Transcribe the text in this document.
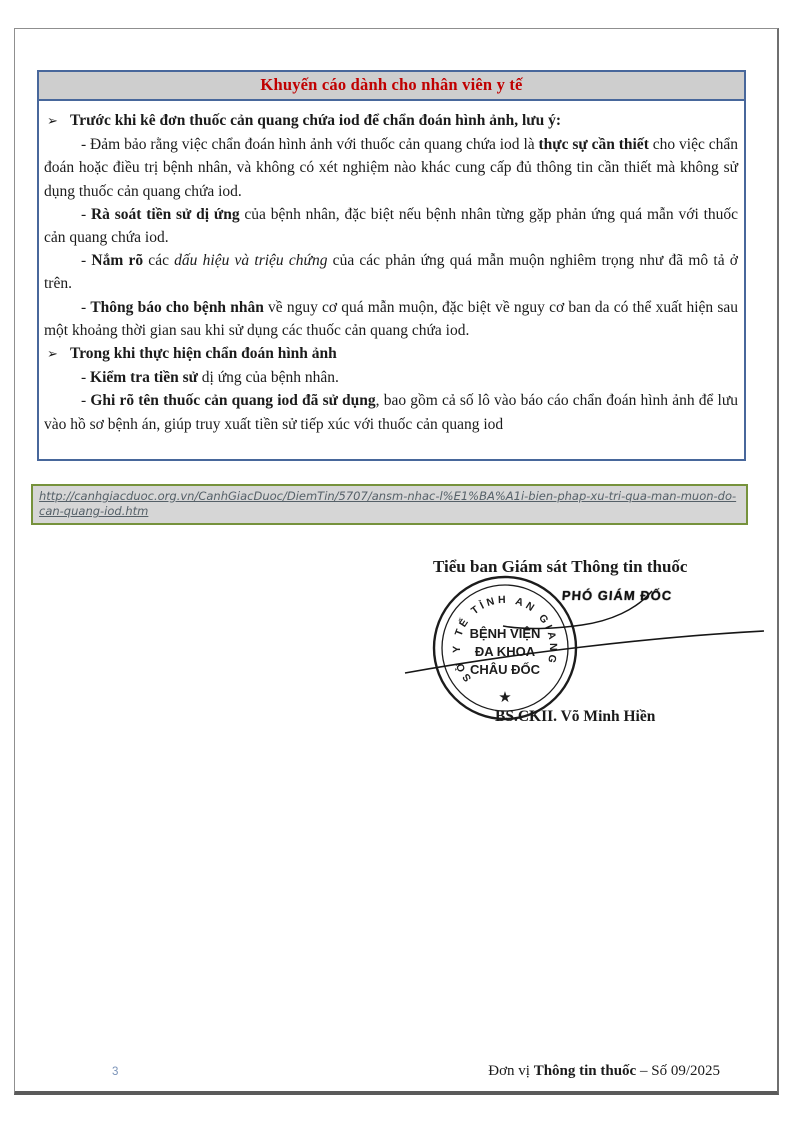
Khuyến cáo dành cho nhân viên y tế

➢ Trước khi kê đơn thuốc cản quang chứa iod để chẩn đoán hình ảnh, lưu ý:

- Đảm bảo rằng việc chẩn đoán hình ảnh với thuốc cản quang chứa iod là thực sự cần thiết cho việc chẩn đoán hoặc điều trị bệnh nhân, và không có xét nghiệm nào khác cung cấp đủ thông tin cần thiết mà không sử dụng thuốc cản quang chứa iod.

- Rà soát tiền sử dị ứng của bệnh nhân, đặc biệt nếu bệnh nhân từng gặp phản ứng quá mẫn với thuốc cản quang chứa iod.

- Nắm rõ các dấu hiệu và triệu chứng của các phản ứng quá mẫn muộn nghiêm trọng như đã mô tả ở trên.

- Thông báo cho bệnh nhân về nguy cơ quá mẫn muộn, đặc biệt về nguy cơ ban da có thể xuất hiện sau một khoảng thời gian sau khi sử dụng các thuốc cản quang chứa iod.

➢ Trong khi thực hiện chẩn đoán hình ảnh

- Kiểm tra tiền sử dị ứng của bệnh nhân.

- Ghi rõ tên thuốc cản quang iod đã sử dụng, bao gồm cả số lô vào báo cáo chẩn đoán hình ảnh để lưu vào hồ sơ bệnh án, giúp truy xuất tiền sử tiếp xúc với thuốc cản quang iod

http://canhgiacduoc.org.vn/CanhGiacDuoc/DiemTin/5707/ansm-nhac-l%E1%BA%A1i-bien-phap-xu-tri-qua-man-muon-do-can-quang-iod.htm
Tiểu ban Giám sát Thông tin thuốc
PHÓ GIÁM ĐỐC
SỞ Y TẾ TỈNH AN GIANG
BỆNH VIỆN
ĐA KHOA
CHÂU ĐỐC
★
BS.CKII. Võ Minh Hiền
3	Đơn vị Thông tin thuốc – Số 09/2025
